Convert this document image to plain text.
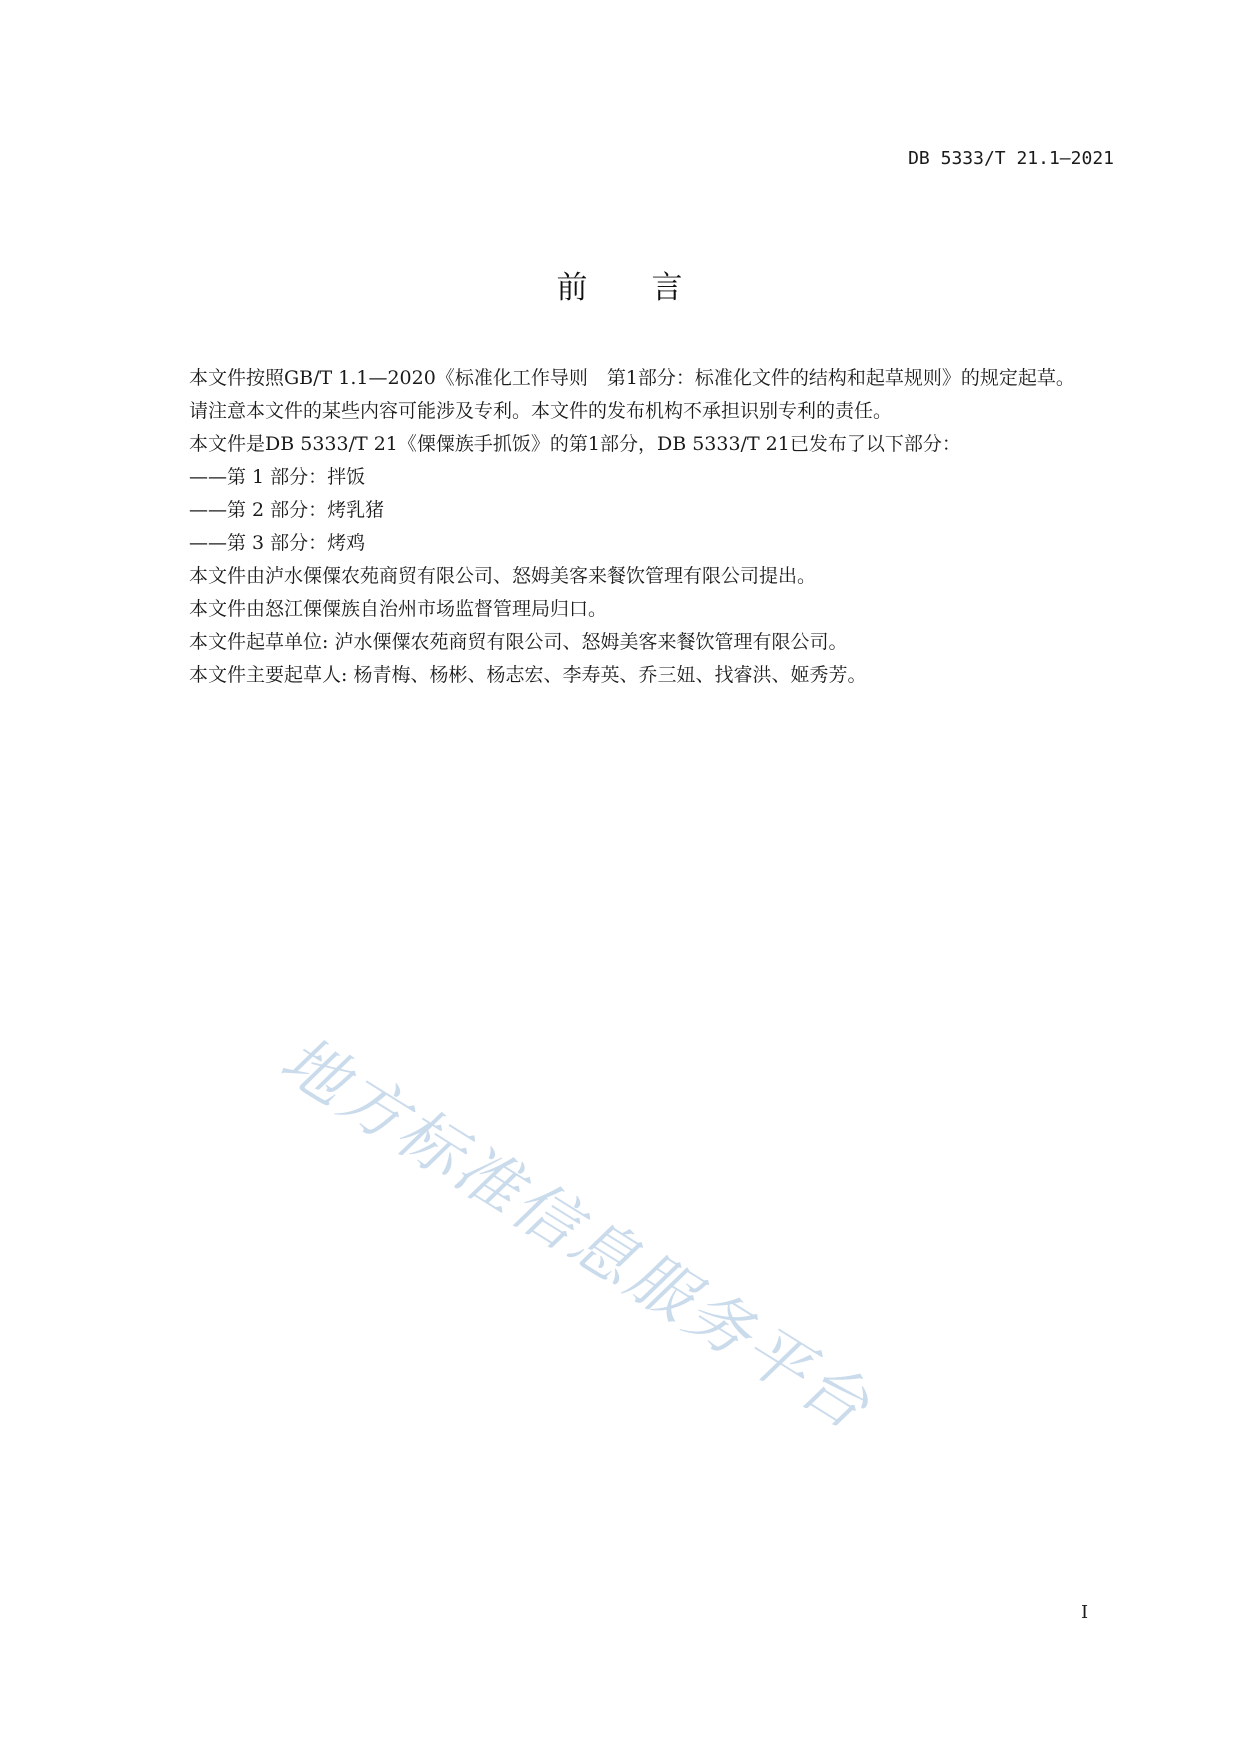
DB 5333/T 21.1—2021
前 言

本文件按照GB/T 1.1—2020《标准化工作导则　第1部分：标准化文件的结构和起草规则》的规定起草。

请注意本文件的某些内容可能涉及专利。本文件的发布机构不承担识别专利的责任。

本文件是DB 5333/T 21《傈僳族手抓饭》的第1部分，DB 5333/T 21已发布了以下部分：

——第 1 部分：拌饭

——第 2 部分：烤乳猪

——第 3 部分：烤鸡

本文件由泸水傈僳农苑商贸有限公司、怒姆美客来餐饮管理有限公司提出。

本文件由怒江傈僳族自治州市场监督管理局归口。

本文件起草单位: 泸水傈僳农苑商贸有限公司、怒姆美客来餐饮管理有限公司。

本文件主要起草人: 杨青梅、杨彬、杨志宏、李寿英、乔三妞、找睿洪、姬秀芳。

地方标准信息服务平台
I
